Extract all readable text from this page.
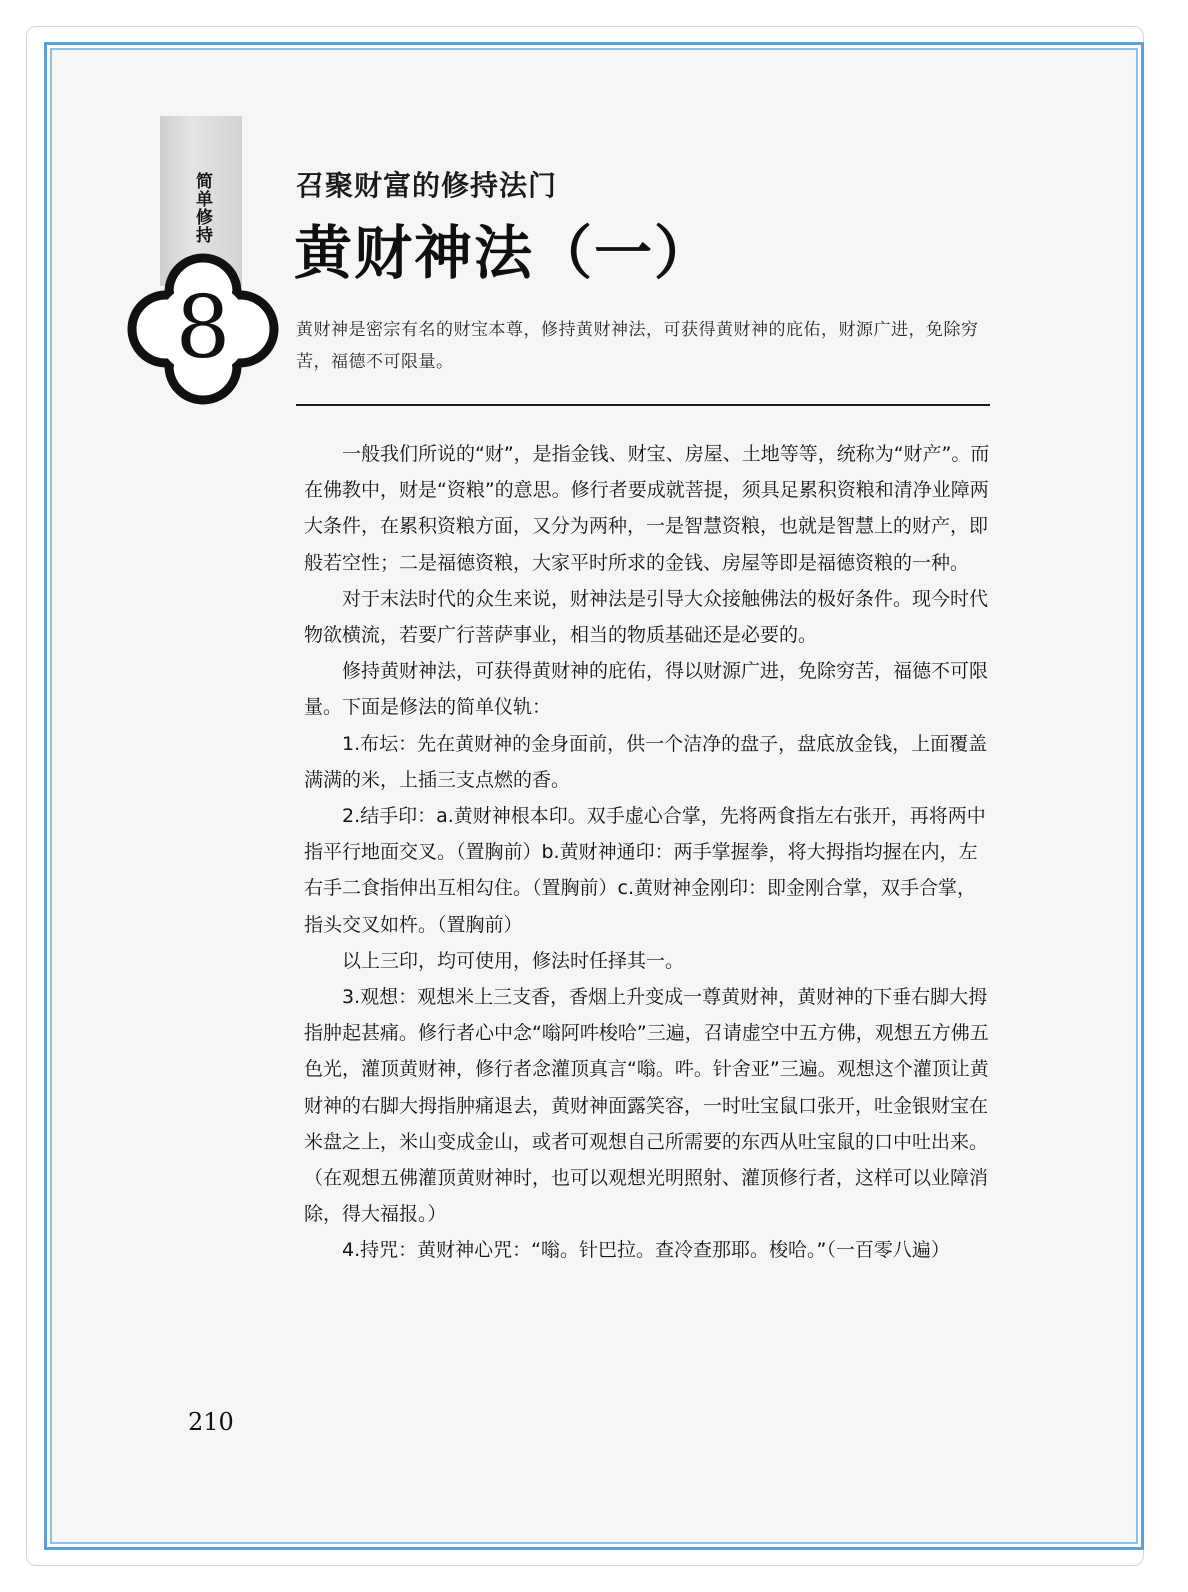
简单修持
8
召聚财富的修持法门
黄财神法（一）
黄财神是密宗有名的财宝本尊，修持黄财神法，可获得黄财神的庇佑，财源广进，免除穷苦，福德不可限量。

一般我们所说的“财”，是指金钱、财宝、房屋、土地等等，统称为“财产”。而在佛教中，财是“资粮”的意思。修行者要成就菩提，须具足累积资粮和清净业障两大条件，在累积资粮方面，又分为两种，一是智慧资粮，也就是智慧上的财产，即般若空性；二是福德资粮，大家平时所求的金钱、房屋等即是福德资粮的一种。

对于末法时代的众生来说，财神法是引导大众接触佛法的极好条件。现今时代物欲横流，若要广行菩萨事业，相当的物质基础还是必要的。

修持黄财神法，可获得黄财神的庇佑，得以财源广进，免除穷苦，福德不可限量。下面是修法的简单仪轨：

1.布坛：先在黄财神的金身面前，供一个洁净的盘子，盘底放金钱，上面覆盖满满的米，上插三支点燃的香。

2.结手印：a.黄财神根本印。双手虚心合掌，先将两食指左右张开，再将两中指平行地面交叉。（置胸前）b.黄财神通印：两手掌握拳，将大拇指均握在内，左右手二食指伸出互相勾住。（置胸前）c.黄财神金刚印：即金刚合掌，双手合掌，指头交叉如杵。（置胸前）

以上三印，均可使用，修法时任择其一。

3.观想：观想米上三支香，香烟上升变成一尊黄财神，黄财神的下垂右脚大拇指肿起甚痛。修行者心中念“嗡阿吽梭哈”三遍，召请虚空中五方佛，观想五方佛五色光，灌顶黄财神，修行者念灌顶真言“嗡。吽。针舍亚”三遍。观想这个灌顶让黄财神的右脚大拇指肿痛退去，黄财神面露笑容，一时吐宝鼠口张开，吐金银财宝在米盘之上，米山变成金山，或者可观想自己所需要的东西从吐宝鼠的口中吐出来。（在观想五佛灌顶黄财神时，也可以观想光明照射、灌顶修行者，这样可以业障消除，得大福报。）

4.持咒：黄财神心咒：“嗡。针巴拉。查冷查那耶。梭哈。”（一百零八遍）

210
